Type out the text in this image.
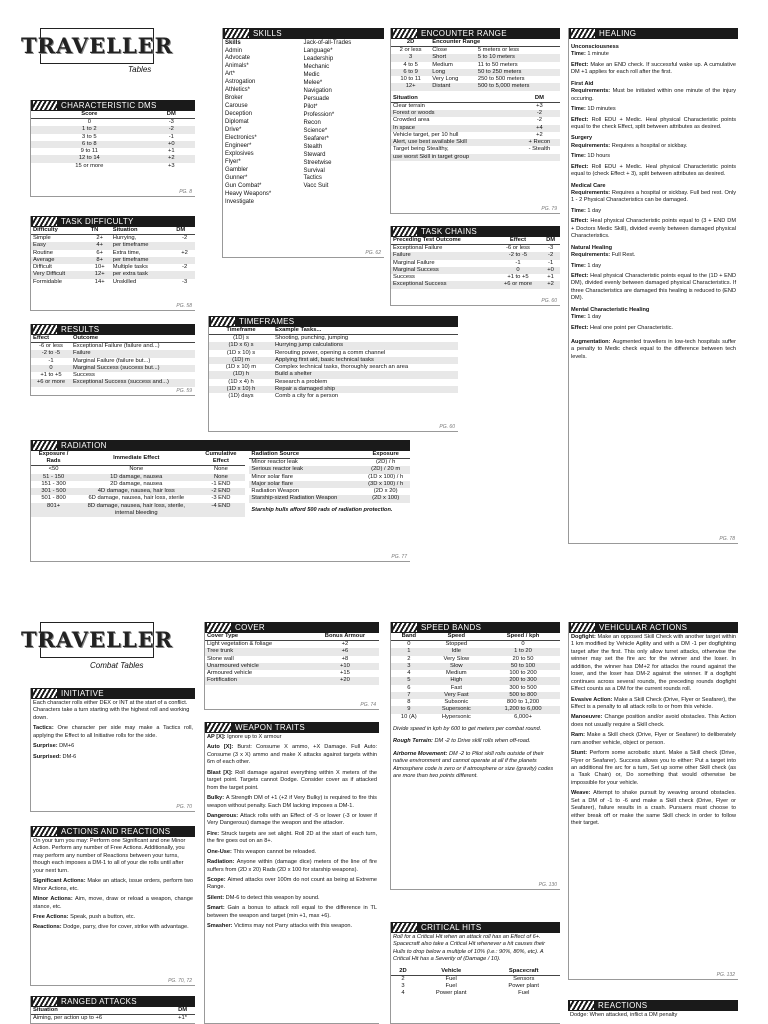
TRAVELLER
Tables
CHARACTERISTIC DMS
Score	DM
0	-3
1 to 2	-2
3 to 5	-1
6 to 8	+0
9 to 11	+1
12 to 14	+2
15 or more	+3
PG. 8
TASK DIFFICULTY
Difficulty	TN	Situation	DM
Simple	2+	Hurrying,	-2
Easy	4+	per timeframe	
Routine	6+	Extra time,	+2
Average	8+	per timeframe	
Difficult	10+	Multiple tasks	-2
Very Difficult	12+	per extra task	
Formidable	14+	Unskilled	-3
PG. 58
RESULTS
Effect	Outcome
-6 or less	Exceptional Failure (failure and...)
-2 to -5	Failure
-1	Marginal Failure (failure but...)
0	Marginal Success (success but...)
+1 to +5	Success
+6 or more	Exceptional Success (success and...)
PG. 59
SKILLS
Skills
Admin
Advocate
Animals*
Art*
Astrogation
Athletics*
Broker
Carouse
Deception
Diplomat
Drive*
Electronics*
Engineer*
Explosives
Flyer*
Gambler
Gunner*
Gun Combat*
Heavy Weapons*
Investigate
Jack-of-all-Trades
Language*
Leadership
Mechanic
Medic
Melee*
Navigation
Persuade
Pilot*
Profession*
Recon
Science*
Seafarer*
Stealth
Steward
Streetwise
Survival
Tactics
Vacc Suit
PG. 62
ENCOUNTER RANGE
2D	Encounter Range	
2 or less	Close	5 meters or less
3	Short	5 to 10 meters
4 to 5	Medium	11 to 50 meters
6 to 9	Long	50 to 250 meters
10 to 11	Very Long	250 to 500 meters
12+	Distant	500 to 5,000 meters
Situation	DM
Clear terrain	+3
Forest or woods	-2
Crowded area	-2
In space	+4
Vehicle target, per 10 hull	+2
Alert, use best available Skill	+ Recon
Target being Stealthy,	- Stealth
use worst Skill in target group	
PG. 79
TASK CHAINS
Preceding Test Outcome	Effect	DM
Exceptional Failure	-6 or less	-3
Failure	-2 to -5	-2
Marginal Failure	-1	-1
Marginal Success	0	+0
Success	+1 to +5	+1
Exceptional Success	+6 or more	+2
PG. 60
TIMEFRAMES
Timeframe	Example Tasks...
(1D) s	Shooting, punching, jumping
(1D x 6) s	Hurrying jump calculations
(1D x 10) s	Rerouting power, opening a comm channel
(1D) m	Applying first aid, basic technical tasks
(1D x 10) m	Complex technical tasks, thoroughly search an area
(1D) h	Build a shelter
(1D x 4) h	Research a problem
(1D x 10) h	Repair a damaged ship
(1D) days	Comb a city for a person
PG. 60
HEALING
Unconsciousness

Time: 1 minute

Effect: Make an END check. If successful wake up. A cumulative DM +1 applies for each roll after the first.

First Aid

Requirements: Must be initiated within one minute of the injury occuring.

Time: 1D minutes

Effect: Roll EDU + Medic. Heal physical Characteristic points equal to the check Effect, split between attributes as desired.

Surgery

Requirements: Requires a hospital or sickbay.

Time: 1D hours

Effect: Roll EDU + Medic. Heal physical Characteristic points equal to (check Effect + 3), split between attributes as desired.

Medical Care

Requirements: Requires a hospital or sickbay. Full bed rest. Only 1 - 2 Physical Characteristics can be damaged.

Time: 1 day

Effect: Heal physical Characteristic points equal to (3 + END DM + Doctors Medic Skill), divided evenly between damaged physical Characteristics.

Natural Healing

Requirements: Full Rest.

Time: 1 day

Effect: Heal physical Characteristic points equal to the (1D + END DM), divided evenly between damaged physical Characteristics. If three Characteristics are damaged this healing is reduced to (END DM).

Mental Characteristic Healing

Time: 1 day

Effect: Heal one point per Characteristic.

Augmentation: Augmented travellers in low-tech hospitals suffer a penalty to Medic check equal to the difference between tech levels.

PG. 78
RADIATION
Exposure / Rads	Immediate Effect	Cumulative Effect
<50	None	None
51 - 150	1D damage, nausea	None
151 - 300	2D damage, nausea	-1 END
301 - 500	4D damage, nausea, hair loss	-2 END
501 - 800	6D damage, nausea, hair loss, sterile	-3 END
801+	8D damage, nausea, hair loss, sterile, internal bleeding	-4 END
Radiation Source	Exposure
Minor reactor leak	(2D) / h
Serious reactor leak	(2D) / 20 m
Minor solar flare	(1D x 100) / h
Major solar flare	(3D x 100) / h
Radiation Weapon	(2D x 20)
Starship-sized Radiation Weapon	(2D x 100)
Starship hulls afford 500 rads of radiation protection.
PG. 77
TRAVELLER
Combat Tables
INITIATIVE

Each character rolls either DEX or INT at the start of a conflict. Characters take a turn starting with the highest roll and working down.

Tactics: One character per side may make a Tactics roll, applying the Effect to all Initiative rolls for the side.

Surprise: DM+6

Surprised: DM-6

PG. 70
ACTIONS AND REACTIONS

On your turn you may: Perform one Significant and one Minor Action. Perform any number of Free Actions. Additionally, you may perform any number of Reactions between your turns, though each imposes a DM-1 to all of your die rolls until after your next turn.

Significant Actions: Make an attack, issue orders, perform two Minor Actions, etc.

Minor Actions: Aim, move, draw or reload a weapon, change stance, etc.

Free Actions: Speak, push a button, etc.

Reactions: Dodge, parry, dive for cover, strike with advantage.

PG. 70, 72
RANGED ATTACKS
Situation	DM
Aiming, per action up to +6	+1*
COVER
Cover Type	Bonus Armour
Light vegetation & foliage	+2
Tree trunk	+6
Stone wall	+8
Unarmoured vehicle	+10
Armoured vehicle	+15
Fortification	+20
PG. 74
WEAPON TRAITS

AP [X]: Ignore up to X armour

Auto [X]: Burst: Consume X ammo, +X Damage. Full Auto: Consume (3 x X) ammo and make X attacks against targets within 6m of each other.

Blast [X]: Roll damage against everything within X meters of the target point. Targets cannot Dodge. Consider cover as if attacked from the target point.

Bulky: A Strength DM of +1 (+2 if Very Bulky) is required to fire this weapon without penalty. Each DM lacking imposes a DM-1.

Dangerous: Attack rolls with an Effect of -5 or lower (-3 or lower if Very Dangerous) damage the weapon and the attacker.

Fire: Struck targets are set alight. Roll 2D at the start of each turn, the fire goes out on an 8+.

One-Use: This weapon cannot be reloaded.

Radiation: Anyone within (damage dice) meters of the line of fire suffers from (2D x 20) Rads (2D x 100 for starship weapons).

Scope: Aimed attacks over 100m do not count as being at Extreme Range.

Silent: DM-6 to detect this weapon by sound.

Smart: Gain a bonus to attack roll equal to the difference in TL between the weapon and target (min +1, max +6).

Smasher: Victims may not Parry attacks with this weapon.

SPEED BANDS
Band	Speed	Speed / kph
0	Stopped	0
1	Idle	1 to 20
2	Very Slow	20 to 50
3	Slow	50 to 100
4	Medium	100 to 200
5	High	200 to 300
6	Fast	300 to 500
7	Very Fast	500 to 800
8	Subsonic	800 to 1,200
9	Supersonic	1,200 to 6,000
10 (A)	Hypersonic	6,000+

Divide speed in kph by 600 to get meters per combat round.

Rough Terrain: DM -2 to Drive skill rolls when off-road.

Airborne Movement: DM -2 to Pilot skill rolls outside of their native environment and cannot operate at all if the planets Atmosphere code is zero or if atmosphere or size (gravity) codes are more than two points different.

PG. 130
CRITICAL HITS
Roll for a Critical Hit when an attack roll has an Effect of 6+. Spacecraft also take a Critical Hit whenever a hit causes their Hulls to drop below a multiple of 10% (i.e.: 90%, 80%, etc). A Critical Hit has a Severity of (Damage / 10).
2D	Vehicle	Spacecraft
2	Fuel	Sensors
3	Fuel	Power plant
4	Power plant	Fuel
VEHICULAR ACTIONS

Dogfight: Make an opposed Skill Check with another target within 1 km modified by Vehicle Agility and with a DM -1 per dogfighting target after the first. This only allow turret attacks, otherwise the winner may set the fire arc for the winner and the loser. In addition, the winner has DM+2 for attacks the round against the loser, and the loser has DM-2 against the winner. If a dogfight continues across several rounds, the preceding rounds dogfight Effect counts as a DM for the current rounds roll.

Evasive Action: Make a Skill Check (Drive, Flyer or Seafarer), the Effect is a penalty to all attack rolls to or from this vehicle.

Manoeuvre: Change position and/or avoid obstacles. This Action does not usually require a Skill check.

Ram: Make a Skill check (Drive, Flyer or Seafarer) to deliberately ram another vehicle, object or person.

Stunt: Perform some acrobatic stunt. Make a Skill check (Drive, Flyer or Seafarer). Success allows you to either: Put a target into an additional fire arc for a turn, Set up some other Skill check (as a Task Chain) or, Do something that would otherwise be impossible for your vehicle.

Weave: Attempt to shake pursuit by weaving around obstacles. Set a DM of -1 to -6 and make a Skill check (Drive, Flyer or Seafarer), failure results in a crash. Pursuers must choose to either break off or make the same Skill check in order to follow their target.

PG. 132
REACTIONS
Dodge: When attacked, inflict a DM penalty
